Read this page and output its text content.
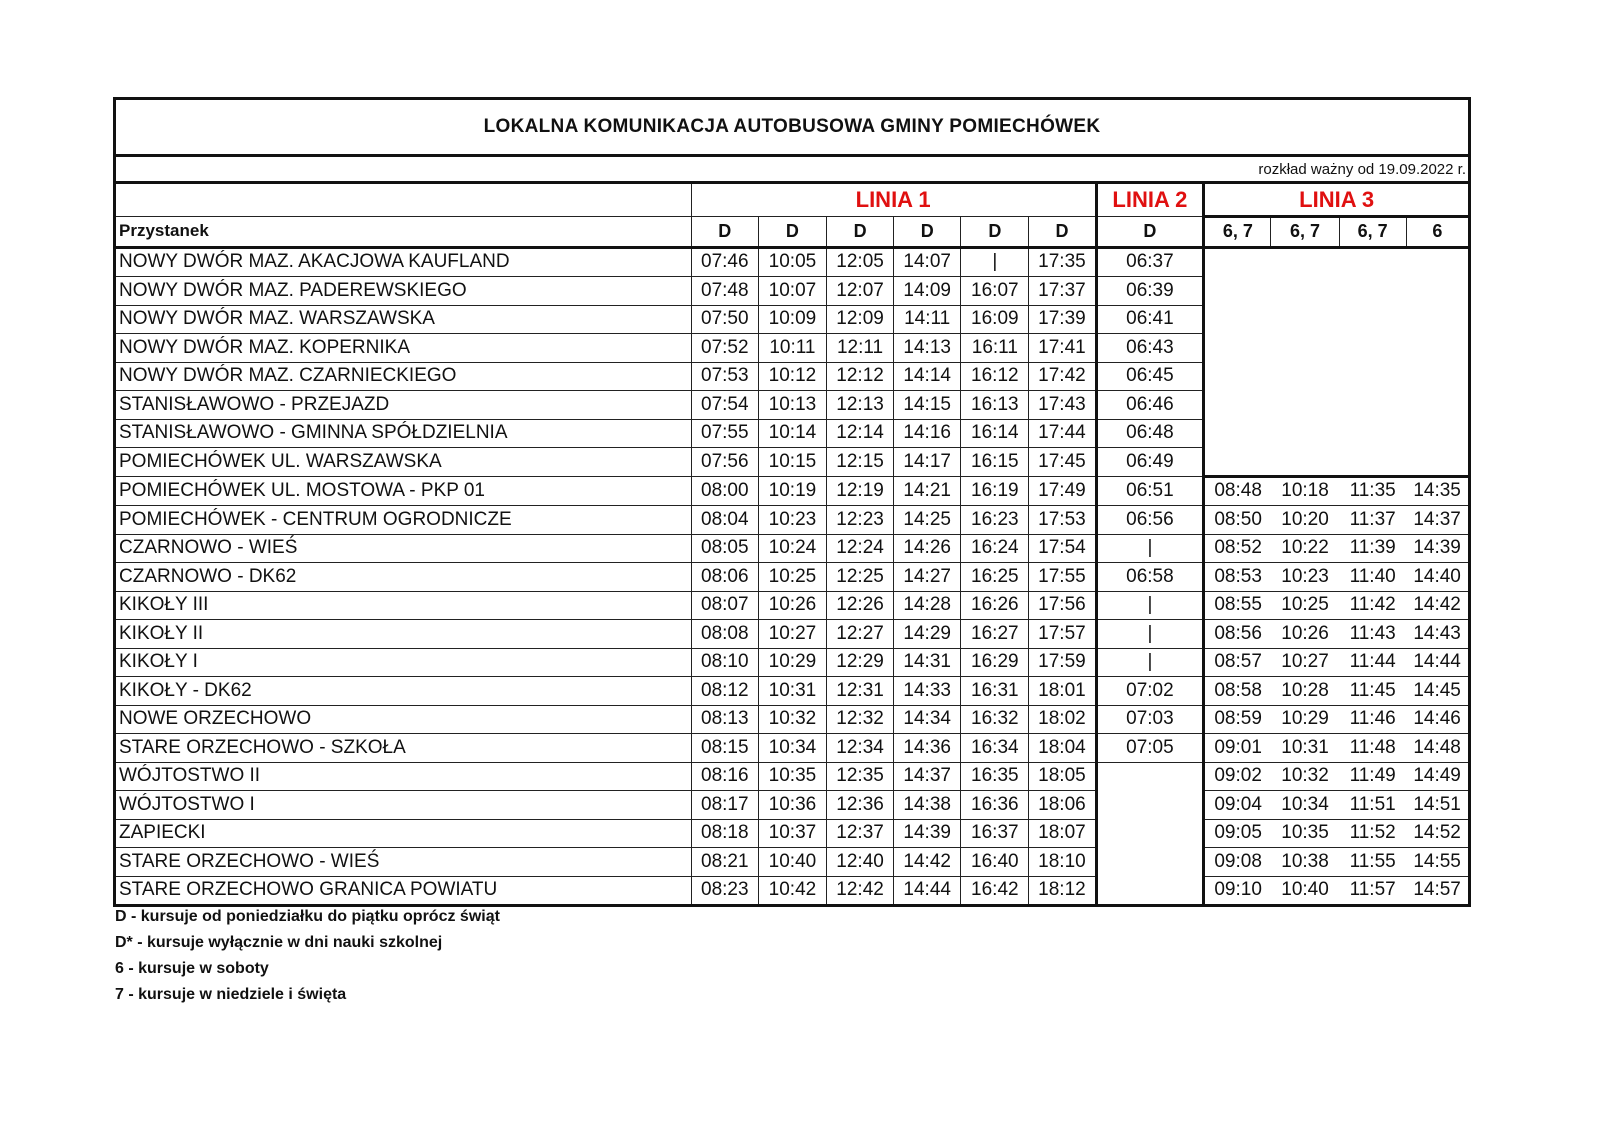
LOKALNA KOMUNIKACJA AUTOBUSOWA GMINY POMIECHÓWEK											
rozkład ważny od 19.09.2022 r.											
	LINIA 1						LINIA 2	LINIA 3			
Przystanek	D	D	D	D	D	D	D	6, 7	6, 7	6, 7	6
NOWY DWÓR MAZ. AKACJOWA KAUFLAND	07:46	10:05	12:05	14:07	|	17:35	06:37				
NOWY DWÓR MAZ. PADEREWSKIEGO	07:48	10:07	12:07	14:09	16:07	17:37	06:39				
NOWY DWÓR MAZ. WARSZAWSKA	07:50	10:09	12:09	14:11	16:09	17:39	06:41				
NOWY DWÓR MAZ. KOPERNIKA	07:52	10:11	12:11	14:13	16:11	17:41	06:43				
NOWY DWÓR MAZ. CZARNIECKIEGO	07:53	10:12	12:12	14:14	16:12	17:42	06:45				
STANISŁAWOWO - PRZEJAZD	07:54	10:13	12:13	14:15	16:13	17:43	06:46				
STANISŁAWOWO - GMINNA SPÓŁDZIELNIA	07:55	10:14	12:14	14:16	16:14	17:44	06:48				
POMIECHÓWEK UL. WARSZAWSKA	07:56	10:15	12:15	14:17	16:15	17:45	06:49				
POMIECHÓWEK UL. MOSTOWA - PKP 01	08:00	10:19	12:19	14:21	16:19	17:49	06:51	08:48	10:18	11:35	14:35
POMIECHÓWEK - CENTRUM OGRODNICZE	08:04	10:23	12:23	14:25	16:23	17:53	06:56	08:50	10:20	11:37	14:37
CZARNOWO - WIEŚ	08:05	10:24	12:24	14:26	16:24	17:54	|	08:52	10:22	11:39	14:39
CZARNOWO - DK62	08:06	10:25	12:25	14:27	16:25	17:55	06:58	08:53	10:23	11:40	14:40
KIKOŁY III	08:07	10:26	12:26	14:28	16:26	17:56	|	08:55	10:25	11:42	14:42
KIKOŁY II	08:08	10:27	12:27	14:29	16:27	17:57	|	08:56	10:26	11:43	14:43
KIKOŁY I	08:10	10:29	12:29	14:31	16:29	17:59	|	08:57	10:27	11:44	14:44
KIKOŁY - DK62	08:12	10:31	12:31	14:33	16:31	18:01	07:02	08:58	10:28	11:45	14:45
NOWE ORZECHOWO	08:13	10:32	12:32	14:34	16:32	18:02	07:03	08:59	10:29	11:46	14:46
STARE ORZECHOWO - SZKOŁA	08:15	10:34	12:34	14:36	16:34	18:04	07:05	09:01	10:31	11:48	14:48
WÓJTOSTWO II	08:16	10:35	12:35	14:37	16:35	18:05		09:02	10:32	11:49	14:49
WÓJTOSTWO I	08:17	10:36	12:36	14:38	16:36	18:06		09:04	10:34	11:51	14:51
ZAPIECKI	08:18	10:37	12:37	14:39	16:37	18:07		09:05	10:35	11:52	14:52
STARE ORZECHOWO - WIEŚ	08:21	10:40	12:40	14:42	16:40	18:10		09:08	10:38	11:55	14:55
STARE ORZECHOWO GRANICA POWIATU	08:23	10:42	12:42	14:44	16:42	18:12		09:10	10:40	11:57	14:57
D - kursuje od poniedziałku do piątku oprócz świąt
D* - kursuje wyłącznie w dni nauki szkolnej
6 - kursuje w soboty
7 - kursuje w niedziele i święta
